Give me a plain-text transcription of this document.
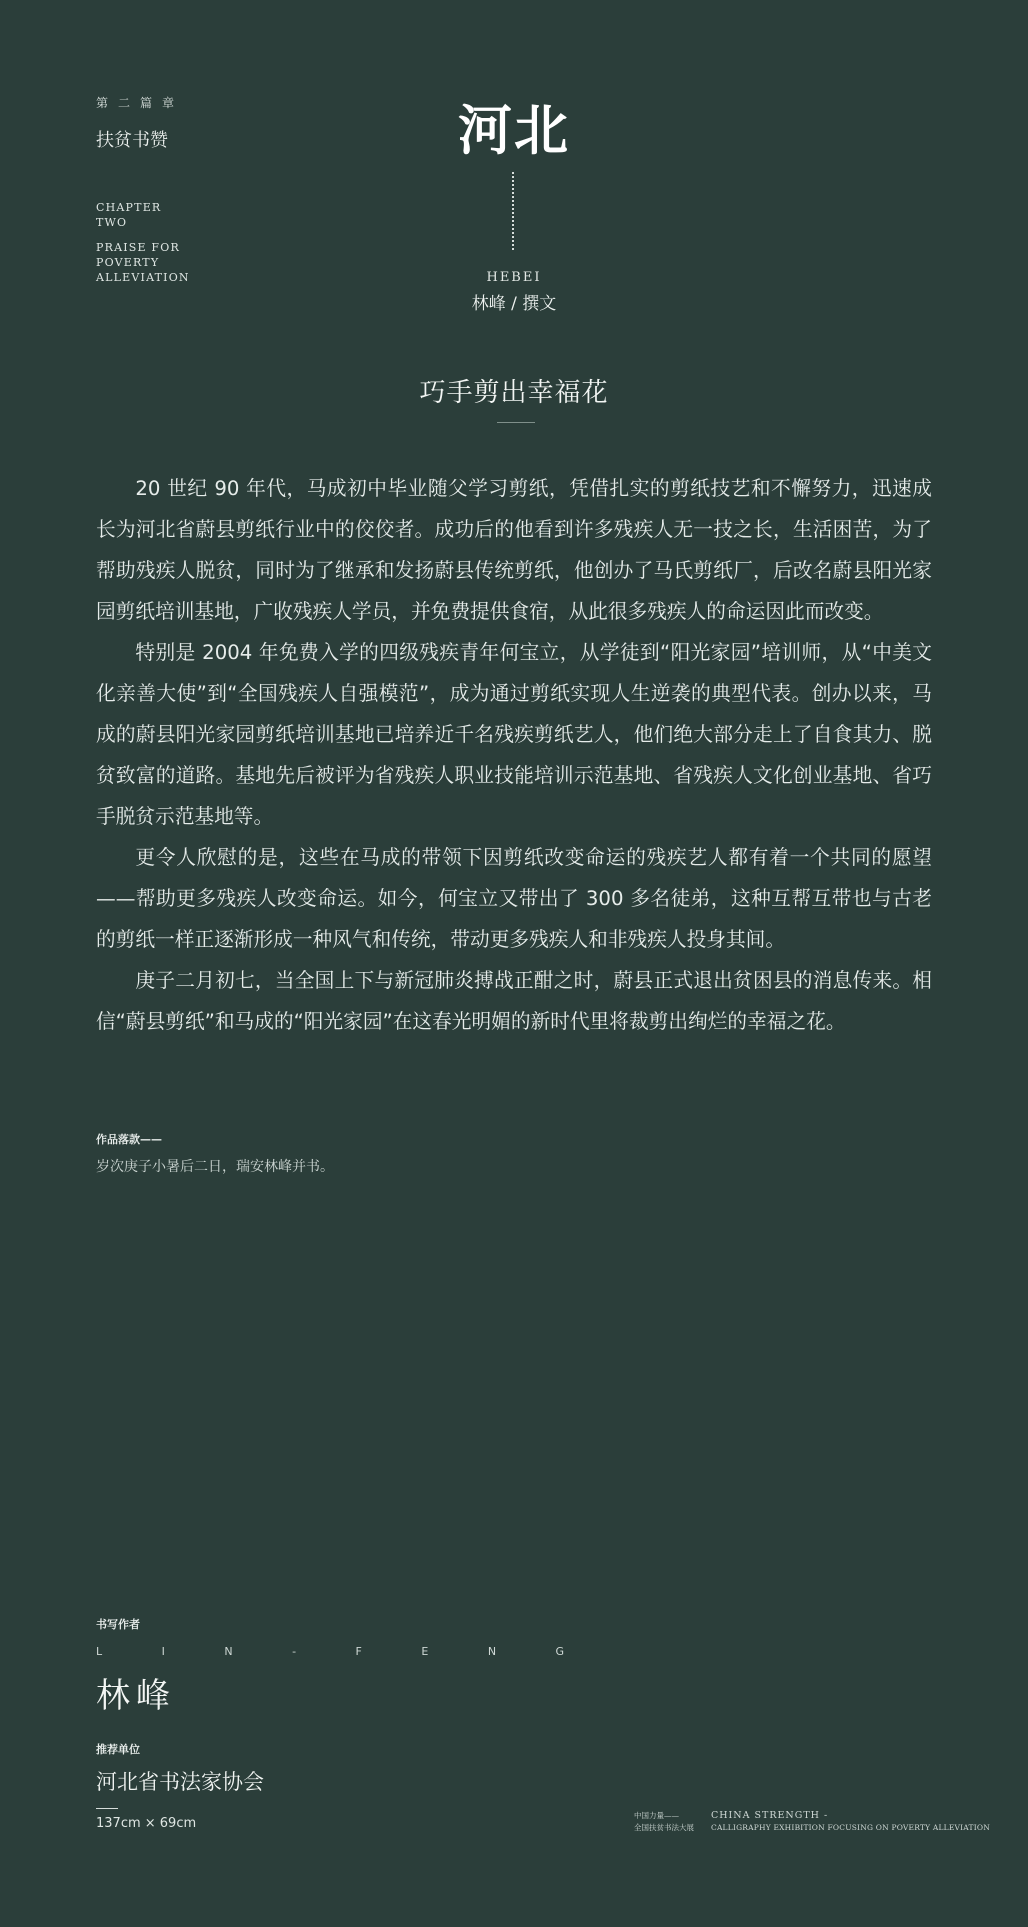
第二篇章
扶贫书赞
CHAPTER
TWO
PRAISE FOR
POVERTY
ALLEVIATION
河北
HEBEI
林峰 / 撰文
巧手剪出幸福花

20 世纪 90 年代，马成初中毕业随父学习剪纸，凭借扎实的剪纸技艺和不懈努力，迅速成长为河北省蔚县剪纸行业中的佼佼者。成功后的他看到许多残疾人无一技之长，生活困苦，为了帮助残疾人脱贫，同时为了继承和发扬蔚县传统剪纸，他创办了马氏剪纸厂，后改名蔚县阳光家园剪纸培训基地，广收残疾人学员，并免费提供食宿，从此很多残疾人的命运因此而改变。

特别是 2004 年免费入学的四级残疾青年何宝立，从学徒到“阳光家园”培训师，从“中美文化亲善大使”到“全国残疾人自强模范”，成为通过剪纸实现人生逆袭的典型代表。创办以来，马成的蔚县阳光家园剪纸培训基地已培养近千名残疾剪纸艺人，他们绝大部分走上了自食其力、脱贫致富的道路。基地先后被评为省残疾人职业技能培训示范基地、省残疾人文化创业基地、省巧手脱贫示范基地等。

更令人欣慰的是，这些在马成的带领下因剪纸改变命运的残疾艺人都有着一个共同的愿望——帮助更多残疾人改变命运。如今，何宝立又带出了 300 多名徒弟，这种互帮互带也与古老的剪纸一样正逐渐形成一种风气和传统，带动更多残疾人和非残疾人投身其间。

庚子二月初七，当全国上下与新冠肺炎搏战正酣之时，蔚县正式退出贫困县的消息传来。相信“蔚县剪纸”和马成的“阳光家园”在这春光明媚的新时代里将裁剪出绚烂的幸福之花。

作品落款——
岁次庚子小暑后二日，瑞安林峰并书。
书写作者
L I N - F E N G
林峰
推荐单位
河北省书法家协会
137cm × 69cm
中国力量——
全国扶贫书法大展
CHINA STRENGTH -
CALLIGRAPHY EXHIBITION FOCUSING ON POVERTY ALLEVIATION
